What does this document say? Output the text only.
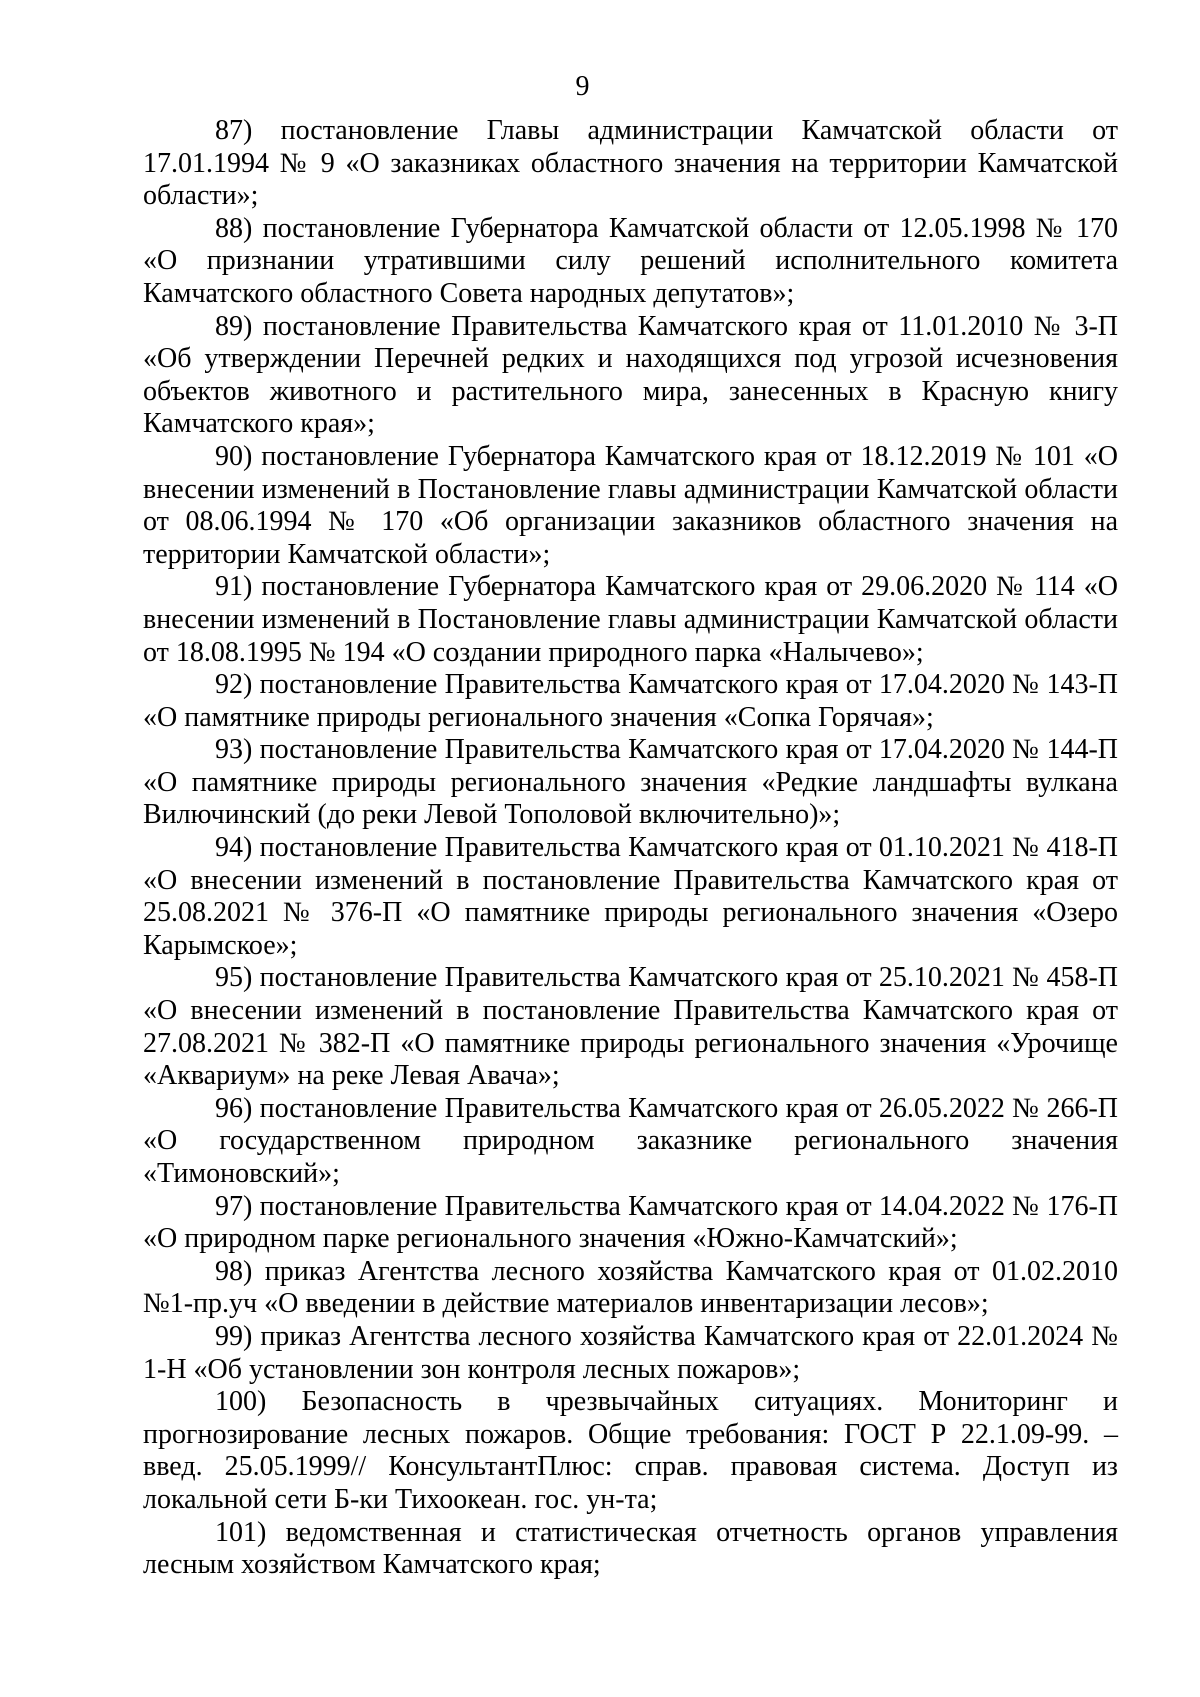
9

87) постановление Главы администрации Камчатской области от 17.01.1994 № 9 «О заказниках областного значения на территории Камчатской области»;

88) постановление Губернатора Камчатской области от 12.05.1998 № 170 «О признании утратившими силу решений исполнительного комитета Камчатского областного Совета народных депутатов»;

89) постановление Правительства Камчатского края от 11.01.2010 № 3-П «Об утверждении Перечней редких и находящихся под угрозой исчезновения объектов животного и растительного мира, занесенных в Красную книгу Камчатского края»;

90) постановление Губернатора Камчатского края от 18.12.2019 № 101 «О внесении изменений в Постановление главы администрации Камчатской области от 08.06.1994 № 170 «Об организации заказников областного значения на территории Камчатской области»;

91) постановление Губернатора Камчатского края от 29.06.2020 № 114 «О внесении изменений в Постановление главы администрации Камчатской области от 18.08.1995 № 194 «О создании природного парка «Налычево»;

92) постановление Правительства Камчатского края от 17.04.2020 № 143-П «О памятнике природы регионального значения «Сопка Горячая»;

93) постановление Правительства Камчатского края от 17.04.2020 № 144-П «О памятнике природы регионального значения «Редкие ландшафты вулкана Вилючинский (до реки Левой Тополовой включительно)»;

94) постановление Правительства Камчатского края от 01.10.2021 № 418-П «О внесении изменений в постановление Правительства Камчатского края от 25.08.2021 № 376-П «О памятнике природы регионального значения «Озеро Карымское»;

95) постановление Правительства Камчатского края от 25.10.2021 № 458-П «О внесении изменений в постановление Правительства Камчатского края от 27.08.2021 № 382-П «О памятнике природы регионального значения «Урочище «Аквариум» на реке Левая Авача»;

96) постановление Правительства Камчатского края от 26.05.2022 № 266-П «О государственном природном заказнике регионального значения «Тимоновский»;

97) постановление Правительства Камчатского края от 14.04.2022 № 176-П «О природном парке регионального значения «Южно-Камчатский»;

98) приказ Агентства лесного хозяйства Камчатского края от 01.02.2010 №1-пр.уч «О введении в действие материалов инвентаризации лесов»;

99) приказ Агентства лесного хозяйства Камчатского края от 22.01.2024 № 1-Н «Об установлении зон контроля лесных пожаров»;

100) Безопасность в чрезвычайных ситуациях. Мониторинг и прогнозирование лесных пожаров. Общие требования: ГОСТ Р 22.1.09-99. – введ. 25.05.1999// КонсультантПлюс: справ. правовая система. Доступ из локальной сети Б-ки Тихоокеан. гос. ун-та;

101) ведомственная и статистическая отчетность органов управления лесным хозяйством Камчатского края;
